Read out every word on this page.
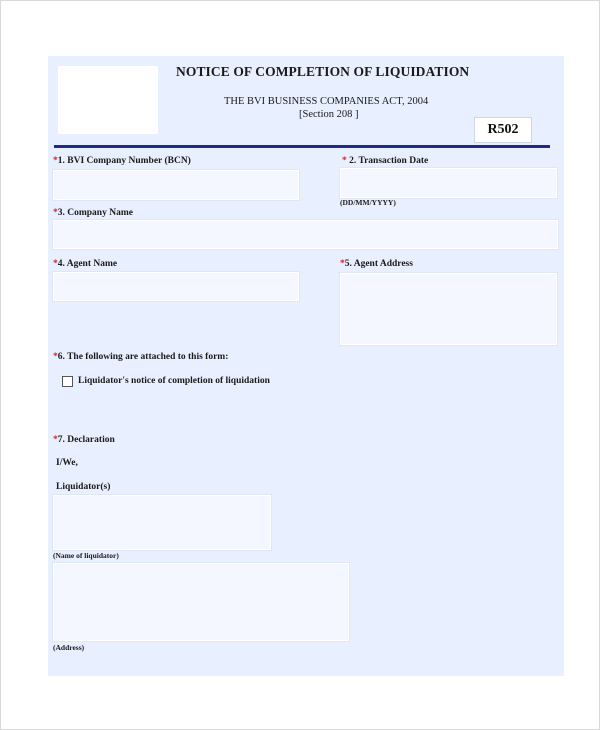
NOTICE OF COMPLETION OF LIQUIDATION
THE BVI BUSINESS COMPANIES ACT, 2004
[Section 208 ]
R502
*1. BVI Company Number (BCN)	* 2. Transaction Date
(DD/MM/YYYY)
*3. Company Name
*4. Agent Name	*5. Agent Address
*6. The following are attached to this form:
Liquidator's notice of completion of liquidation
*7. Declaration
I/We,
Liquidator(s)
(Name of liquidator)
(Address)
